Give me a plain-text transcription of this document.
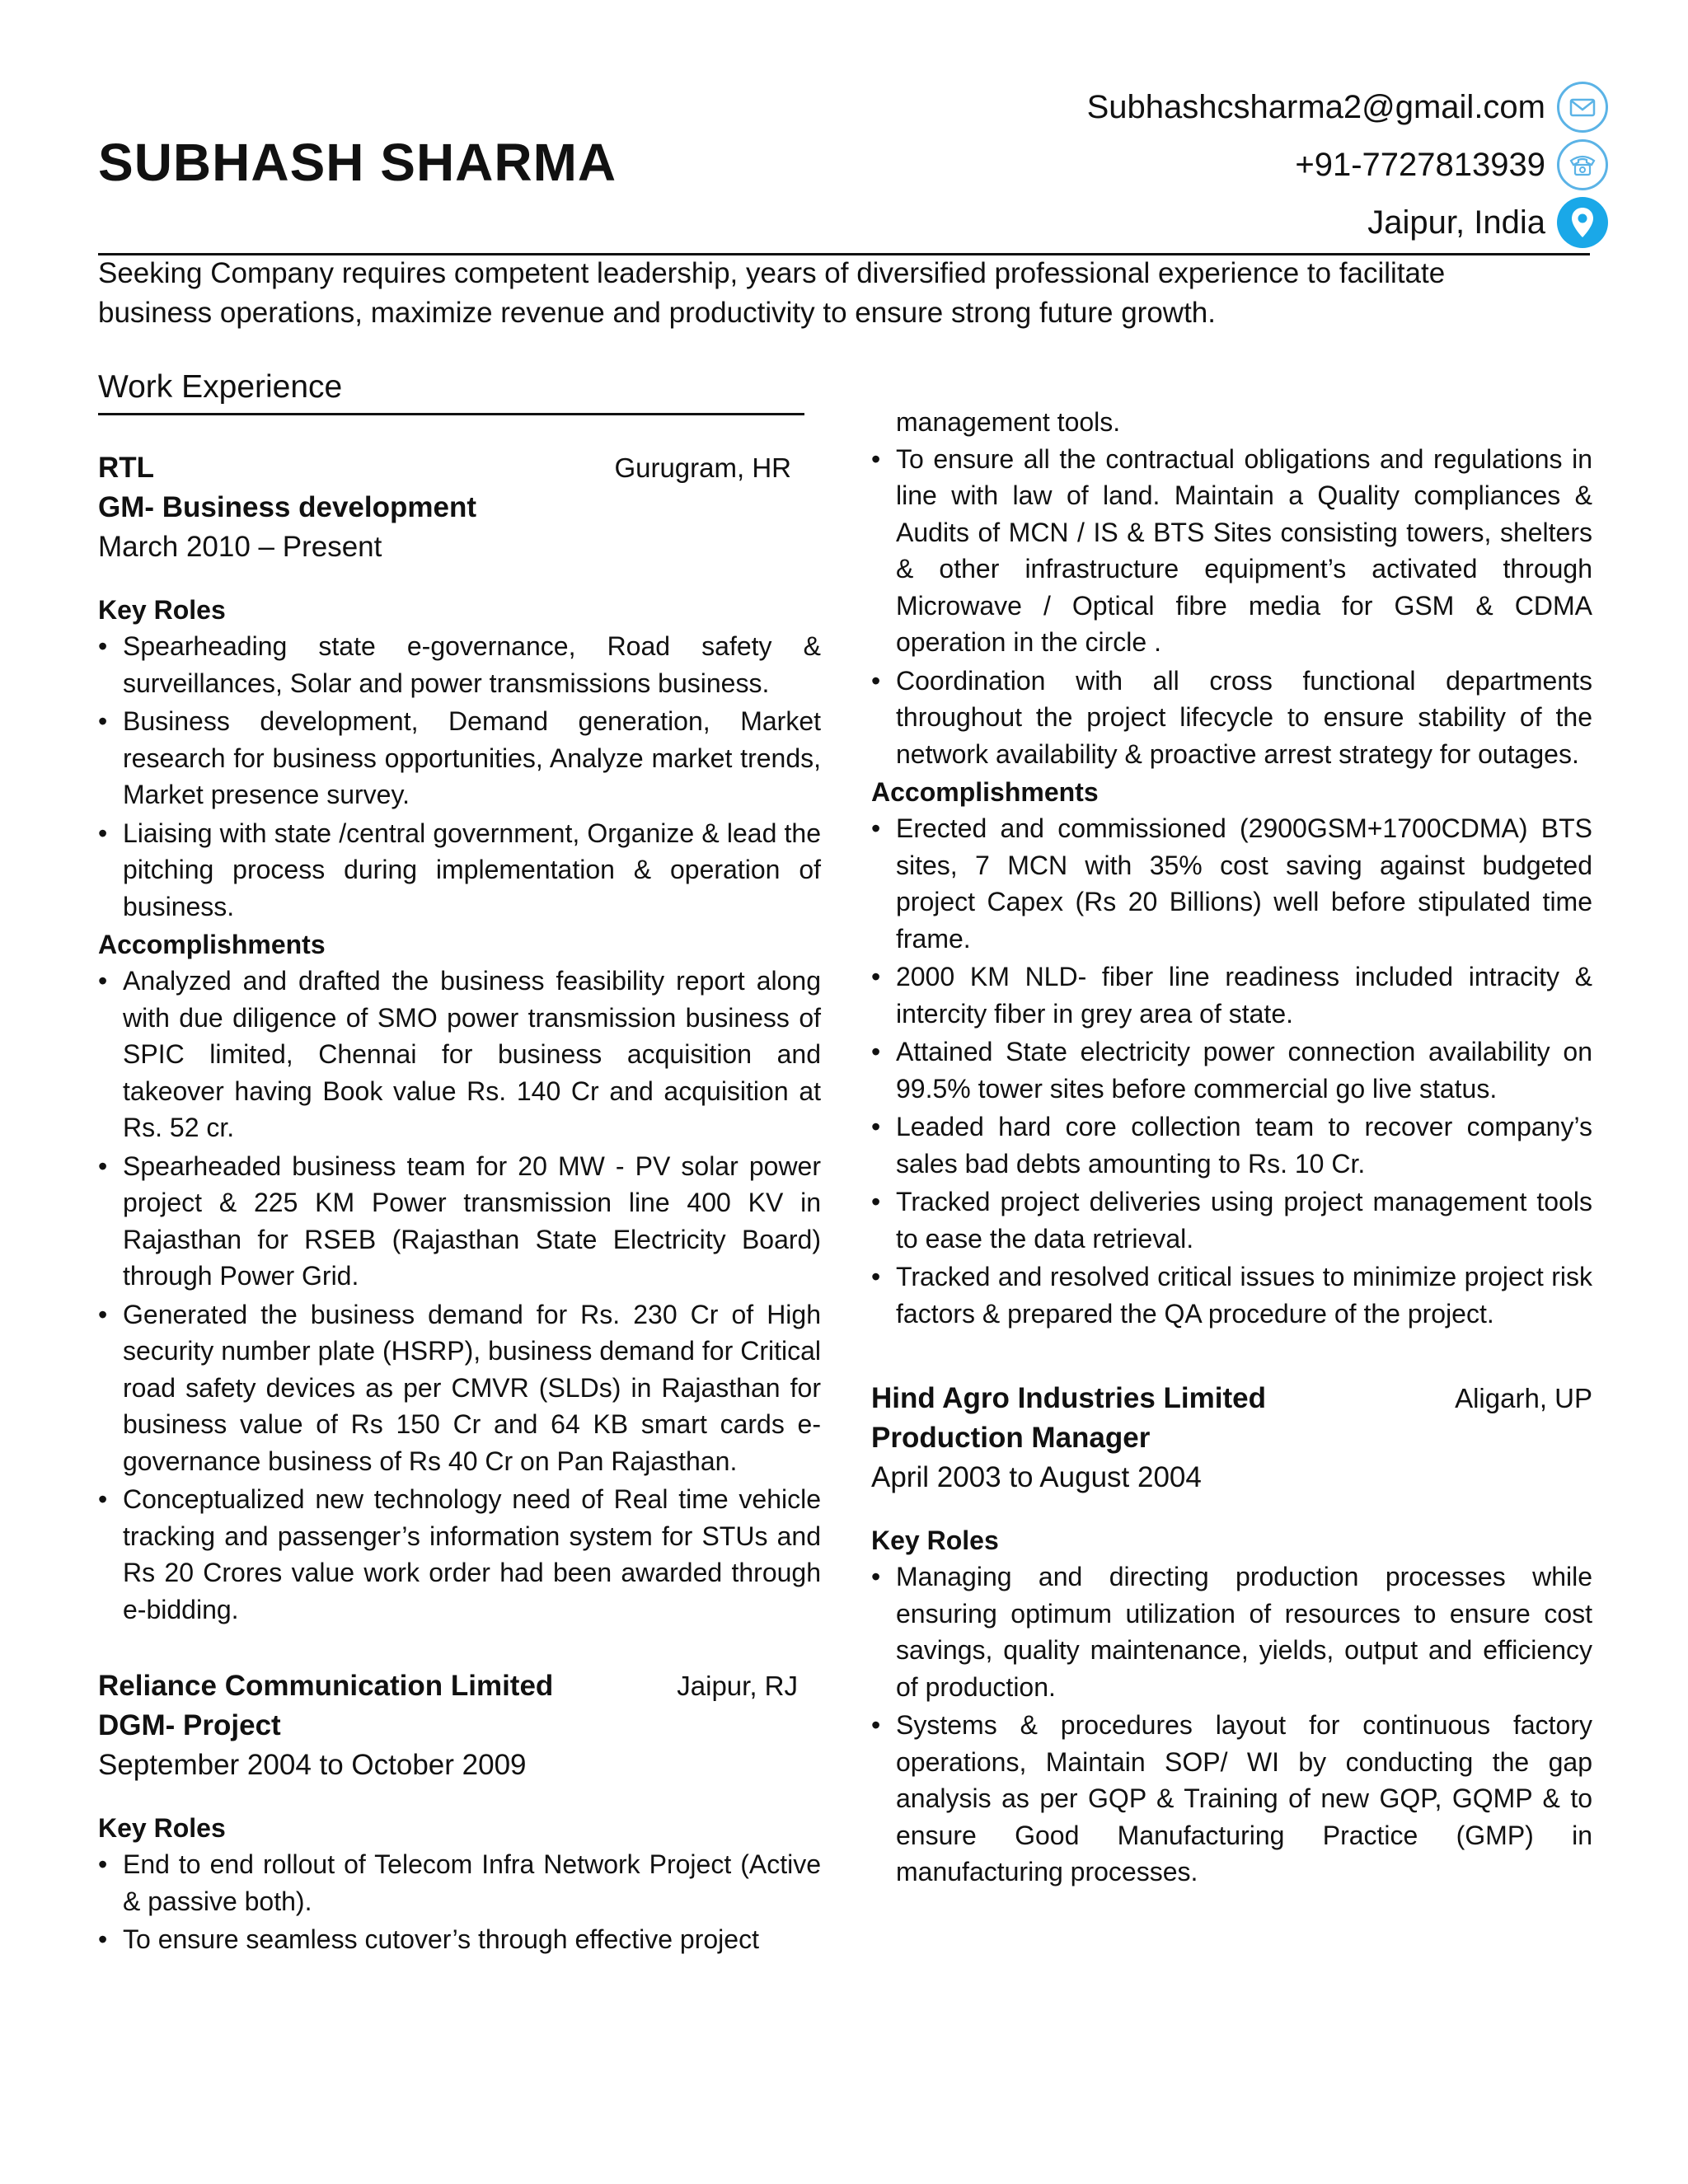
SUBHASH SHARMA
Subhashcsharma2@gmail.com
+91-7727813939
Jaipur, India
Seeking Company requires competent leadership, years of diversified professional experience to facilitate business operations, maximize revenue and productivity to ensure strong future growth.
Work Experience
RTL	Gurugram, HR
GM- Business development
March 2010 – Present
Key Roles
• Spearheading state e-governance, Road safety & surveillances, Solar and power transmissions business.
• Business development, Demand generation, Market research for business opportunities, Analyze market trends, Market presence survey.
• Liaising with state /central government, Organize & lead the pitching process during implementation & operation of business.
Accomplishments
• Analyzed and drafted the business feasibility report along with due diligence of SMO power transmission business of SPIC limited, Chennai for business acquisition and takeover having Book value Rs. 140 Cr and acquisition at Rs. 52 cr.
• Spearheaded business team for 20 MW - PV solar power project & 225 KM Power transmission line 400 KV in Rajasthan for RSEB (Rajasthan State Electricity Board) through Power Grid.
• Generated the business demand for Rs. 230 Cr of High security number plate (HSRP), business demand for Critical road safety devices as per CMVR (SLDs) in Rajasthan for business value of Rs 150 Cr and 64 KB smart cards e- governance business of Rs 40 Cr on Pan Rajasthan.
• Conceptualized new technology need of Real time vehicle tracking and passenger’s information system for STUs and Rs 20 Crores value work order had been awarded through e-bidding.
Reliance Communication Limited	Jaipur, RJ
DGM- Project
September 2004 to October 2009
Key Roles
• End to end rollout of Telecom Infra Network Project (Active & passive both).
• To ensure seamless cutover’s through effective project
management tools.
• To ensure all the contractual obligations and regulations in line with law of land. Maintain a Quality compliances & Audits of MCN / IS & BTS Sites consisting towers, shelters & other infrastructure equipment’s activated through Microwave / Optical fibre media for GSM & CDMA operation in the circle .
• Coordination with all cross functional departments throughout the project lifecycle to ensure stability of the network availability & proactive arrest strategy for outages.
Accomplishments
• Erected and commissioned (2900GSM+1700CDMA) BTS sites, 7 MCN with 35% cost saving against budgeted project Capex (Rs 20 Billions) well before stipulated time frame.
• 2000 KM NLD- fiber line readiness included intracity & intercity fiber in grey area of state.
• Attained State electricity power connection availability on 99.5% tower sites before commercial go live status.
• Leaded hard core collection team to recover company’s sales bad debts amounting to Rs. 10 Cr.
• Tracked project deliveries using project management tools to ease the data retrieval.
• Tracked and resolved critical issues to minimize project risk factors & prepared the QA procedure of the project.
Hind Agro Industries Limited	Aligarh, UP
Production Manager
April 2003 to August 2004
Key Roles
• Managing and directing production processes while ensuring optimum utilization of resources to ensure cost savings, quality maintenance, yields, output and efficiency of production.
• Systems & procedures layout for continuous factory operations, Maintain SOP/ WI by conducting the gap analysis as per GQP & Training of new GQP, GQMP & to ensure Good Manufacturing Practice (GMP) in manufacturing processes.
